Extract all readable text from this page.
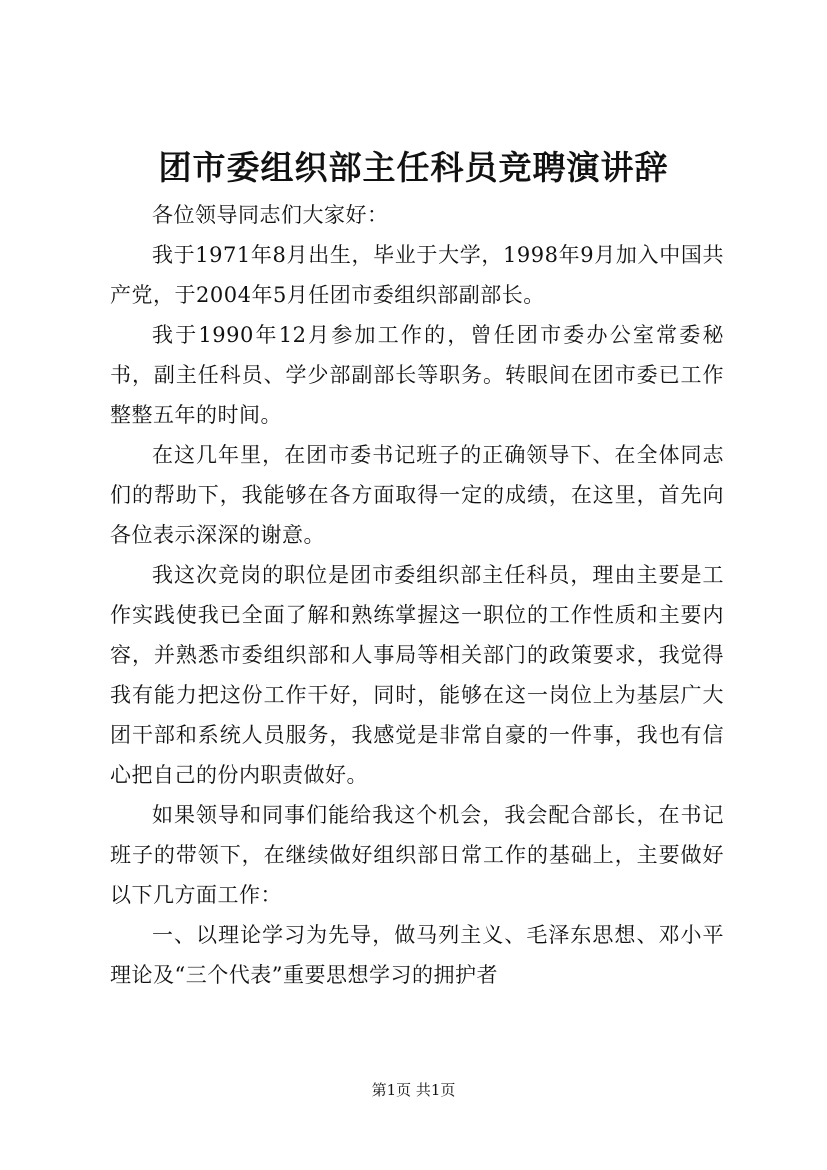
团市委组织部主任科员竞聘演讲辞

各位领导同志们大家好：

我于1971年8月出生，毕业于大学，1998年9月加入中国共产党，于2004年5月任团市委组织部副部长。

我于1990年12月参加工作的，曾任团市委办公室常委秘书，副主任科员、学少部副部长等职务。转眼间在团市委已工作整整五年的时间。

在这几年里，在团市委书记班子的正确领导下、在全体同志们的帮助下，我能够在各方面取得一定的成绩，在这里，首先向各位表示深深的谢意。

我这次竞岗的职位是团市委组织部主任科员，理由主要是工作实践使我已全面了解和熟练掌握这一职位的工作性质和主要内容，并熟悉市委组织部和人事局等相关部门的政策要求，我觉得我有能力把这份工作干好，同时，能够在这一岗位上为基层广大团干部和系统人员服务，我感觉是非常自豪的一件事，我也有信心把自己的份内职责做好。

如果领导和同事们能给我这个机会，我会配合部长，在书记班子的带领下，在继续做好组织部日常工作的基础上，主要做好以下几方面工作：

一、以理论学习为先导，做马列主义、毛泽东思想、邓小平理论及“三个代表”重要思想学习的拥护者

第1页 共1页
